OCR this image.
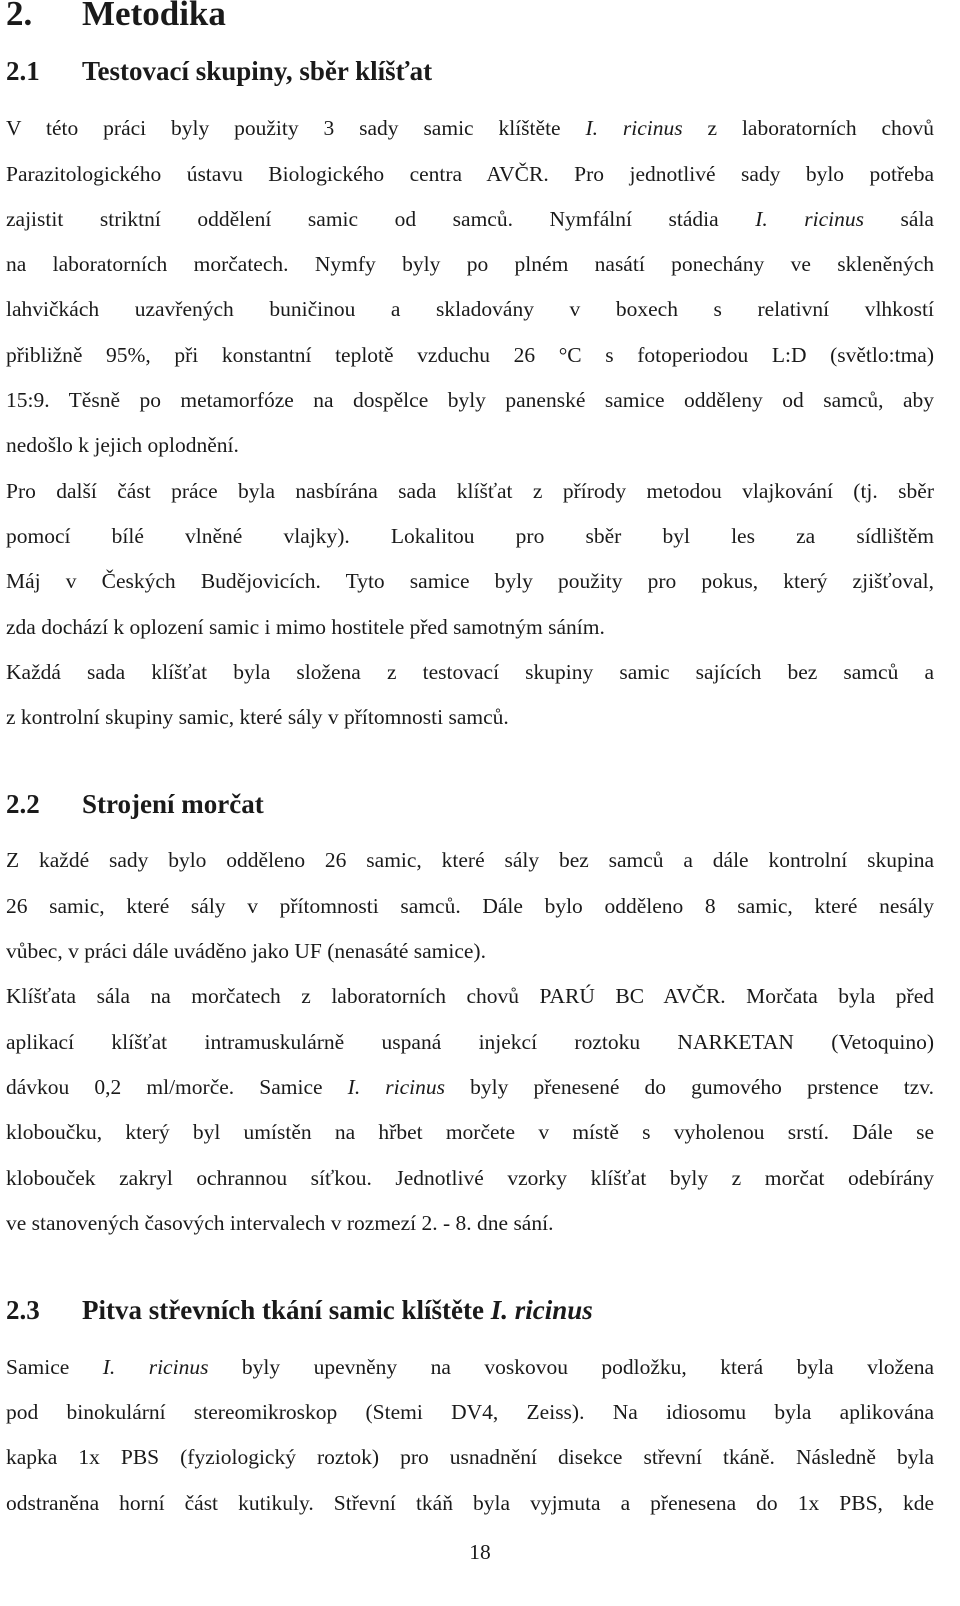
2. Metodika
2.1 Testovací skupiny, sběr klíšťat
V této práci byly použity 3 sady samic klíštěte I. ricinus z laboratorních chovů
Parazitologického ústavu Biologického centra AVČR. Pro jednotlivé sady bylo potřeba
zajistit striktní oddělení samic od samců. Nymfální stádia I. ricinus sála
na laboratorních morčatech. Nymfy byly po plném nasátí ponechány ve skleněných
lahvičkách uzavřených buničinou a skladovány v boxech s relativní vlhkostí
přibližně 95%, při konstantní teplotě vzduchu 26 °C s fotoperiodou L:D (světlo:tma)
15:9. Těsně po metamorfóze na dospělce byly panenské samice odděleny od samců, aby
nedošlo k jejich oplodnění.
Pro další část práce byla nasbírána sada klíšťat z přírody metodou vlajkování (tj. sběr
pomocí bílé vlněné vlajky). Lokalitou pro sběr byl les za sídlištěm
Máj v Českých Budějovicích. Tyto samice byly použity pro pokus, který zjišťoval,
zda dochází k oplození samic i mimo hostitele před samotným sáním.
Každá sada klíšťat byla složena z testovací skupiny samic sajících bez samců a
z kontrolní skupiny samic, které sály v přítomnosti samců.
2.2 Strojení morčat
Z každé sady bylo odděleno 26 samic, které sály bez samců a dále kontrolní skupina
26 samic, které sály v přítomnosti samců. Dále bylo odděleno 8 samic, které nesály
vůbec, v práci dále uváděno jako UF (nenasáté samice).
Klíšťata sála na morčatech z laboratorních chovů PARÚ BC AVČR. Morčata byla před
aplikací klíšťat intramuskulárně uspaná injekcí roztoku NARKETAN (Vetoquino)
dávkou 0,2 ml/morče. Samice I. ricinus byly přenesené do gumového prstence tzv.
kloboučku, který byl umístěn na hřbet morčete v místě s vyholenou srstí. Dále se
klobouček zakryl ochrannou síťkou. Jednotlivé vzorky klíšťat byly z morčat odebírány
ve stanovených časových intervalech v rozmezí 2. - 8. dne sání.
2.3 Pitva střevních tkání samic klíštěte I. ricinus
Samice I. ricinus byly upevněny na voskovou podložku, která byla vložena
pod binokulární stereomikroskop (Stemi DV4, Zeiss). Na idiosomu byla aplikována
kapka 1x PBS (fyziologický roztok) pro usnadnění disekce střevní tkáně. Následně byla
odstraněna horní část kutikuly. Střevní tkáň byla vyjmuta a přenesena do 1x PBS, kde
18
